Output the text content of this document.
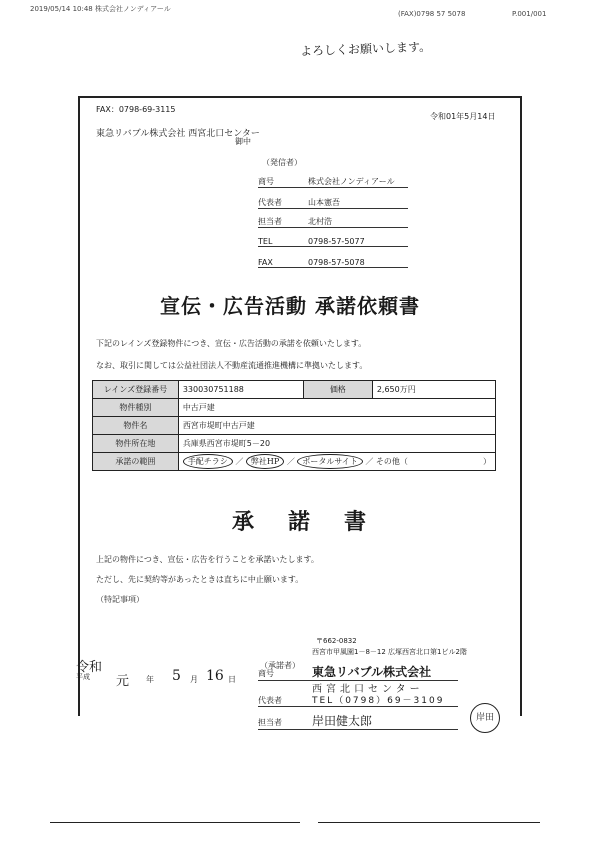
2019/05/14 10:48 株式会社ノンディアール
(FAX)0798 57 5078	P.001/001
よろしくお願いします。
FAX：0798-69-3115
令和01年5月14日
東急リバブル株式会社 西宮北口センター
御中
（発信者）
商号	株式会社ノンディアール
代表者	山本憲吾
担当者	北村浩
TEL	0798-57-5077
FAX	0798-57-5078
宣伝・広告活動 承諾依頼書
下記のレインズ登録物件につき、宣伝・広告活動の承諾を依頼いたします。
なお、取引に関しては公益社団法人不動産流通推進機構に準拠いたします。
レインズ登録番号	330030751188	価格	2,650万円
物件種別	中古戸建		
物件名	西宮市堤町中古戸建		
物件所在地	兵庫県西宮市堤町5－20		
承諾の範囲	手配チラシ ／ 弊社HP ／ ポータルサイト ／ その他（ ）		
承諾書
上記の物件につき、宣伝・広告を行うことを承諾いたします。
ただし、先に契約等があったときは直ちに中止願います。
（特記事項）
令和
平成 元 年 5 月 16 日
（承諾者）
〒662-0832
西宮市甲風園1－8－12 広塚西宮北口第1ビル2階
商号	東急リバブル株式会社
西宮北口センター
代表者	TEL（0798）69－3109
担当者	岸田健太郎	岸田
